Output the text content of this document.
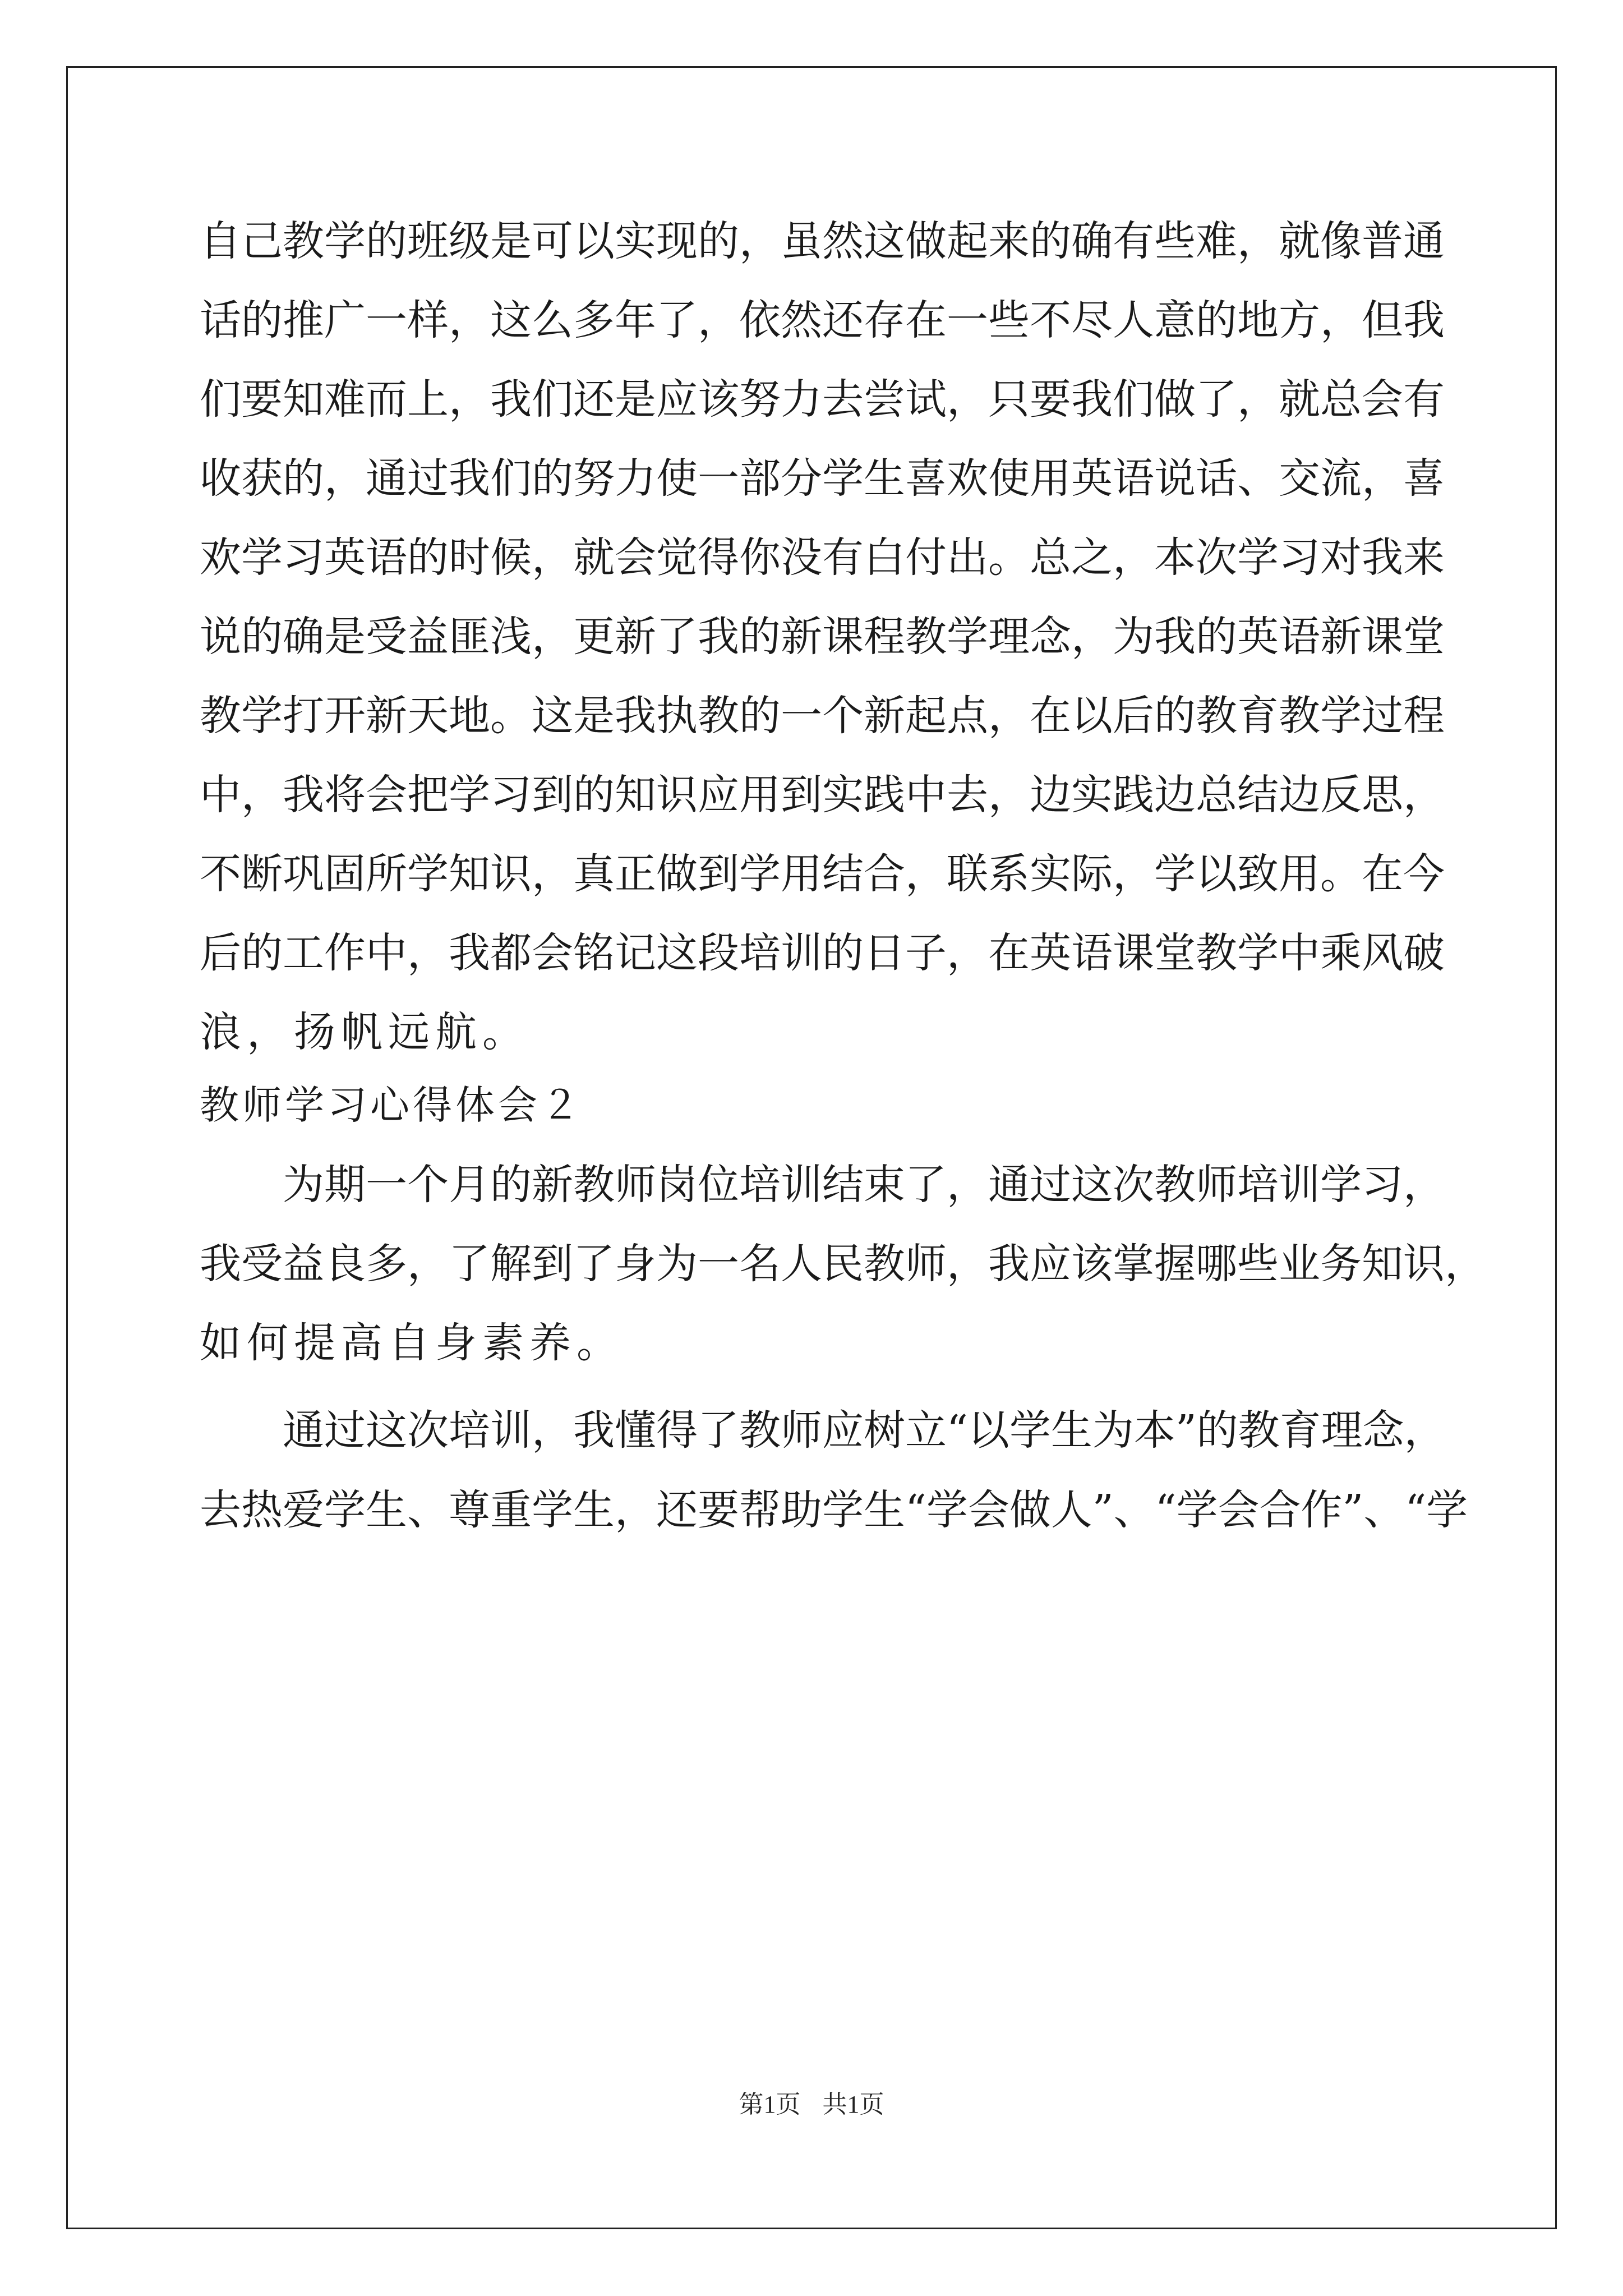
自己教学的班级是可以实现的，虽然这做起来的确有些难，就像普通
话的推广一样，这么多年了，依然还存在一些不尽人意的地方，但我
们要知难而上，我们还是应该努力去尝试，只要我们做了，就总会有
收获的，通过我们的努力使一部分学生喜欢使用英语说话、交流，喜
欢学习英语的时候，就会觉得你没有白付出。总之，本次学习对我来
说的确是受益匪浅，更新了我的新课程教学理念，为我的英语新课堂
教学打开新天地。这是我执教的一个新起点，在以后的教育教学过程
中，我将会把学习到的知识应用到实践中去，边实践边总结边反思，
不断巩固所学知识，真正做到学用结合，联系实际，学以致用。在今
后的工作中，我都会铭记这段培训的日子，在英语课堂教学中乘风破
浪，扬帆远航。
教师学习心得体会２
为期一个月的新教师岗位培训结束了，通过这次教师培训学习，
我受益良多，了解到了身为一名人民教师，我应该掌握哪些业务知识，
如何提高自身素养。
通过这次培训，我懂得了教师应树立“以学生为本”的教育理念，
去热爱学生、尊重学生，还要帮助学生“学会做人”、“学会合作”、“学
第1页 共1页
